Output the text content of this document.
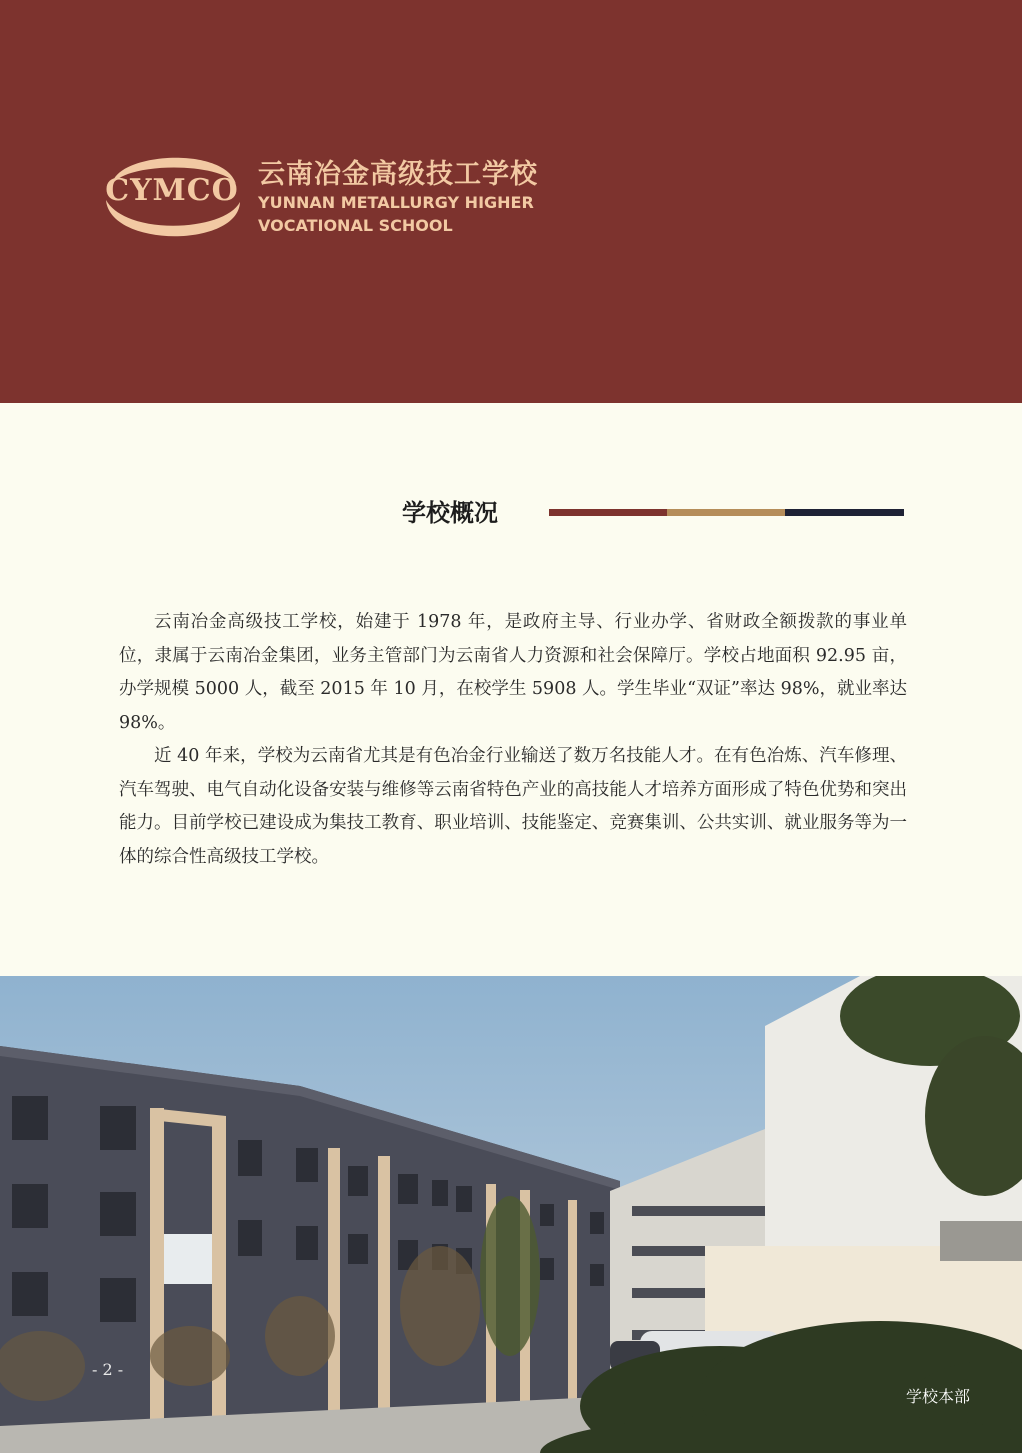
CYMCO 云南冶金高级技工学校
YUNNAN METALLURGY HIGHER
VOCATIONAL SCHOOL
学校概况

云南冶金高级技工学校，始建于 1978 年，是政府主导、行业办学、省财政全额拨款的事业单位，隶属于云南冶金集团，业务主管部门为云南省人力资源和社会保障厅。学校占地面积 92.95 亩，办学规模 5000 人，截至 2015 年 10 月，在校学生 5908 人。学生毕业“双证”率达 98%，就业率达 98%。

近 40 年来，学校为云南省尤其是有色冶金行业输送了数万名技能人才。在有色冶炼、汽车修理、汽车驾驶、电气自动化设备安装与维修等云南省特色产业的高技能人才培养方面形成了特色优势和突出能力。目前学校已建设成为集技工教育、职业培训、技能鉴定、竞赛集训、公共实训、就业服务等为一体的综合性高级技工学校。

- 2 -
学校本部
